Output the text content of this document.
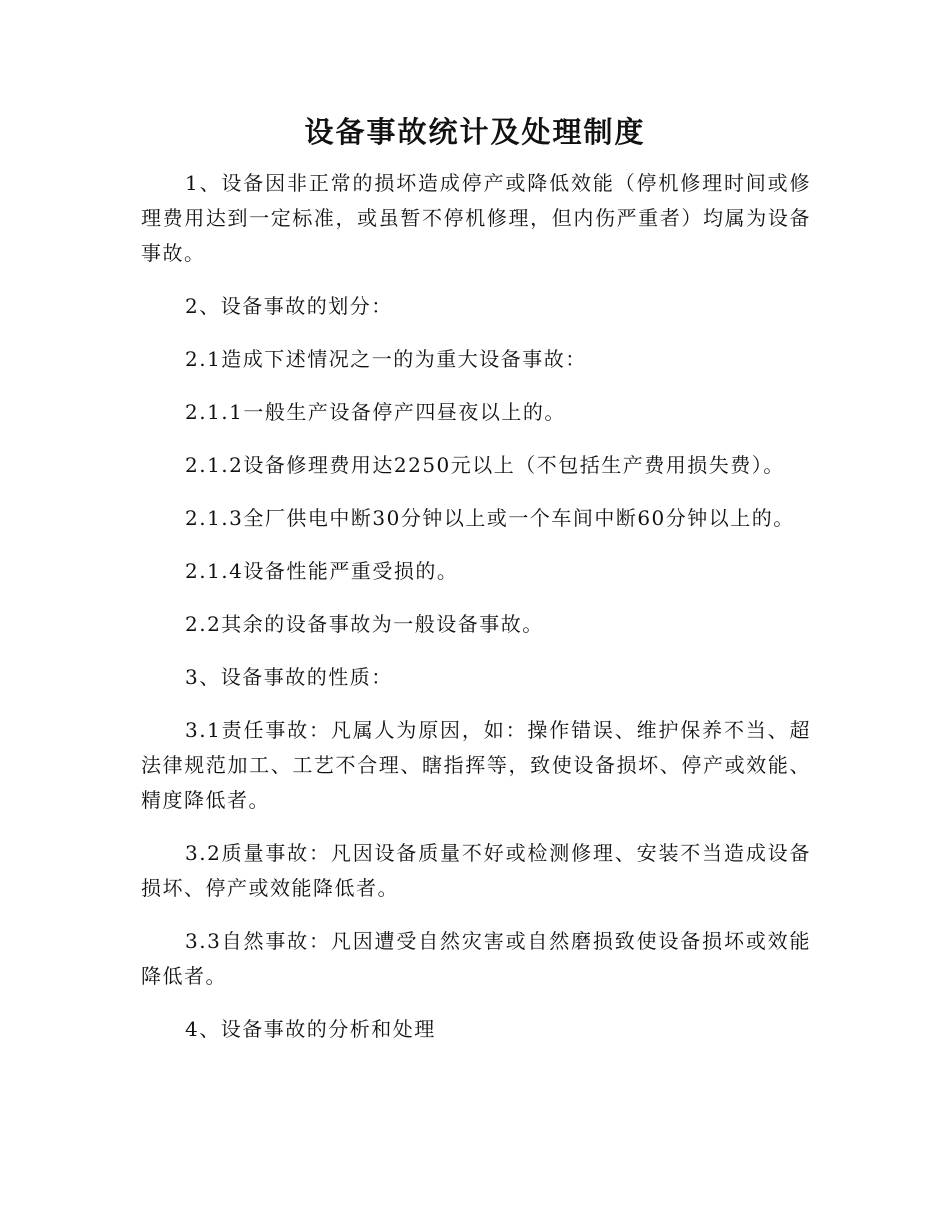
设备事故统计及处理制度

1、设备因非正常的损坏造成停产或降低效能（停机修理时间或修理费用达到一定标准，或虽暂不停机修理，但内伤严重者）均属为设备事故。

2、设备事故的划分：

2.1造成下述情况之一的为重大设备事故：

2.1.1一般生产设备停产四昼夜以上的。

2.1.2设备修理费用达2250元以上（不包括生产费用损失费）。

2.1.3全厂供电中断30分钟以上或一个车间中断60分钟以上的。

2.1.4设备性能严重受损的。

2.2其余的设备事故为一般设备事故。

3、设备事故的性质：

3.1责任事故：凡属人为原因，如：操作错误、维护保养不当、超法律规范加工、工艺不合理、瞎指挥等，致使设备损坏、停产或效能、精度降低者。

3.2质量事故：凡因设备质量不好或检测修理、安装不当造成设备损坏、停产或效能降低者。

3.3自然事故：凡因遭受自然灾害或自然磨损致使设备损坏或效能降低者。

4、设备事故的分析和处理
